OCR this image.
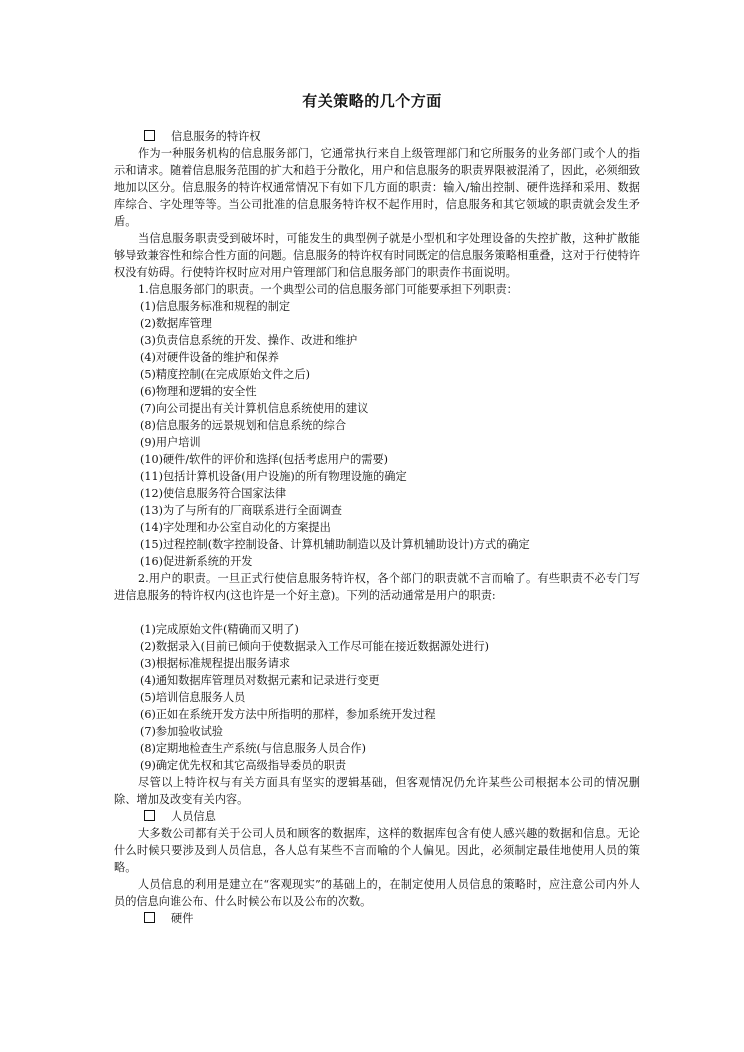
有关策略的几个方面
信息服务的特许权

作为一种服务机构的信息服务部门，它通常执行来自上级管理部门和它所服务的业务部门或个人的指示和请求。随着信息服务范围的扩大和趋于分散化，用户和信息服务的职责界限被混淆了，因此，必须细致地加以区分。信息服务的特许权通常情况下有如下几方面的职责：输入/输出控制、硬件选择和采用、数据库综合、字处理等等。当公司批准的信息服务特许权不起作用时，信息服务和其它领域的职责就会发生矛盾。

当信息服务职责受到破坏时，可能发生的典型例子就是小型机和字处理设备的失控扩散，这种扩散能够导致兼容性和综合性方面的问题。信息服务的特许权有时同既定的信息服务策略相重叠，这对于行使特许权没有妨碍。行使特许权时应对用户管理部门和信息服务部门的职责作书面说明。

1.信息服务部门的职责。一个典型公司的信息服务部门可能要承担下列职责：

(1)信息服务标准和规程的制定
(2)数据库管理
(3)负责信息系统的开发、操作、改进和维护
(4)对硬件设备的维护和保养
(5)精度控制(在完成原始文件之后)
(6)物理和逻辑的安全性
(7)向公司提出有关计算机信息系统使用的建议
(8)信息服务的远景规划和信息系统的综合
(9)用户培训
(10)硬件/软件的评价和选择(包括考虑用户的需要)
(11)包括计算机设备(用户设施)的所有物理设施的确定
(12)使信息服务符合国家法律
(13)为了与所有的厂商联系进行全面调查
(14)字处理和办公室自动化的方案提出
(15)过程控制(数字控制设备、计算机辅助制造以及计算机辅助设计)方式的确定
(16)促进新系统的开发

2.用户的职责。一旦正式行使信息服务特许权，各个部门的职责就不言而喻了。有些职责不必专门写进信息服务的特许权内(这也许是一个好主意)。下列的活动通常是用户的职责:

(1)完成原始文件(精确而又明了)
(2)数据录入(目前已倾向于使数据录入工作尽可能在接近数据源处进行)
(3)根据标准规程提出服务请求
(4)通知数据库管理员对数据元素和记录进行变更
(5)培训信息服务人员
(6)正如在系统开发方法中所指明的那样，参加系统开发过程
(7)参加验收试验
(8)定期地检查生产系统(与信息服务人员合作)
(9)确定优先权和其它高级指导委员的职责

尽管以上特许权与有关方面具有坚实的逻辑基础，但客观情况仍允许某些公司根据本公司的情况删除、增加及改变有关内容。

人员信息

大多数公司都有关于公司人员和顾客的数据库，这样的数据库包含有使人感兴趣的数据和信息。无论什么时候只要涉及到人员信息，各人总有某些不言而喻的个人偏见。因此，必须制定最佳地使用人员的策略。

人员信息的利用是建立在“客观现实”的基础上的，在制定使用人员信息的策略时，应注意公司内外人员的信息向谁公布、什么时候公布以及公布的次数。

硬件
